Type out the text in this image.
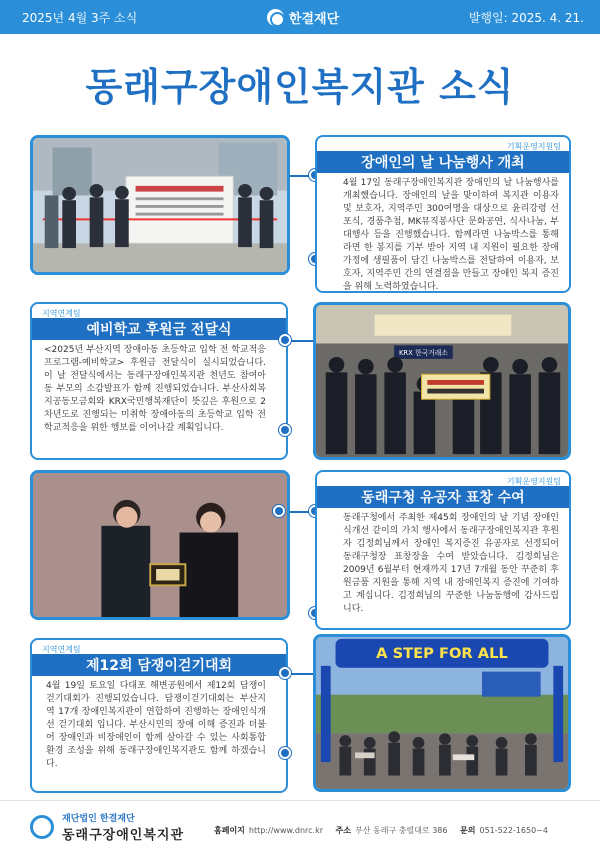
2025년 4월 3주 소식	한결재단	발행일: 2025. 4. 21.
동래구장애인복지관 소식
기획운영지원팀
장애인의 날 나눔행사 개최
4월 17일 동래구장애인복지관 장애인의 날 나눔행사를 개최했습니다. 장애인의 날을 맞이하여 복지관 이용자 및 보호자, 지역주민 300여명을 대상으로 윤리강령 선포식, 경품추첨, MK뮤직봉사단 문화공연, 식사나눔, 부대행사 등을 진행했습니다. 함께라면 나눔박스를 통해 라면 한 봉지를 기부 받아 지역 내 지원이 필요한 장애가정에 생필품이 담긴 나눔박스를 전달하여 이용자, 보호자, 지역주민 간의 연결점을 만들고 장애인 복지 증진을 위해 노력하였습니다.
지역연계팀
예비학교 후원금 전달식
<2025년 부산지역 장애아동 초등학교 입학 전 학교적응 프로그램-예비학교> 후원금 전달식이 실시되었습니다. 이 날 전달식에서는 동래구장애인복지관 천년도 참여아동 부모의 소감발표가 함께 진행되었습니다. 부산사회복지공동모금회와 KRX국민행복재단이 뜻깊은 후원으로 2차년도로 진행되는 미취학 장애아동의 초등학교 입학 전 학교적응을 위한 행보를 이어나갈 계획입니다.
KRX 한국거래소
기획운영지원팀
동래구청 유공자 표창 수여
동래구청에서 주최한 제45회 장애인의 날 기념 장애인식개선 같이의 가치 행사에서 동래구장애인복지관 후원자 김정희님께서 장애인 복지증진 유공자로 선정되어 동래구청장 표창장을 수여 받았습니다. 김정희님은 2009년 6월부터 현재까지 17년 7개월 동안 꾸준히 후원금품 지원을 통해 지역 내 장애인복지 증진에 기여하고 계십니다. 김정희님의 꾸준한 나눔동행에 감사드립니다.
지역연계팀
제12회 담쟁이걷기대회
4월 19일 토요일 다대포 해변공원에서 제12회 담쟁이 걷기대회가 진행되었습니다. 담쟁이걷기대회는 부산지역 17개 장애인복지관이 연합하여 진행하는 장애인식개선 걷기대회 입니다. 부산시민의 장애 이해 증진과 더불어 장애인과 비장애인이 함께 살아갈 수 있는 사회통합 환경 조성을 위해 동래구장애인복지관도 함께 하겠습니다.
A STEP FOR ALL
재단법인 한결재단
동래구장애인복지관	홈페이지 http://www.dnrc.kr 주소 부산 동래구 충렬대로 386 문의 051-522-1650~4
